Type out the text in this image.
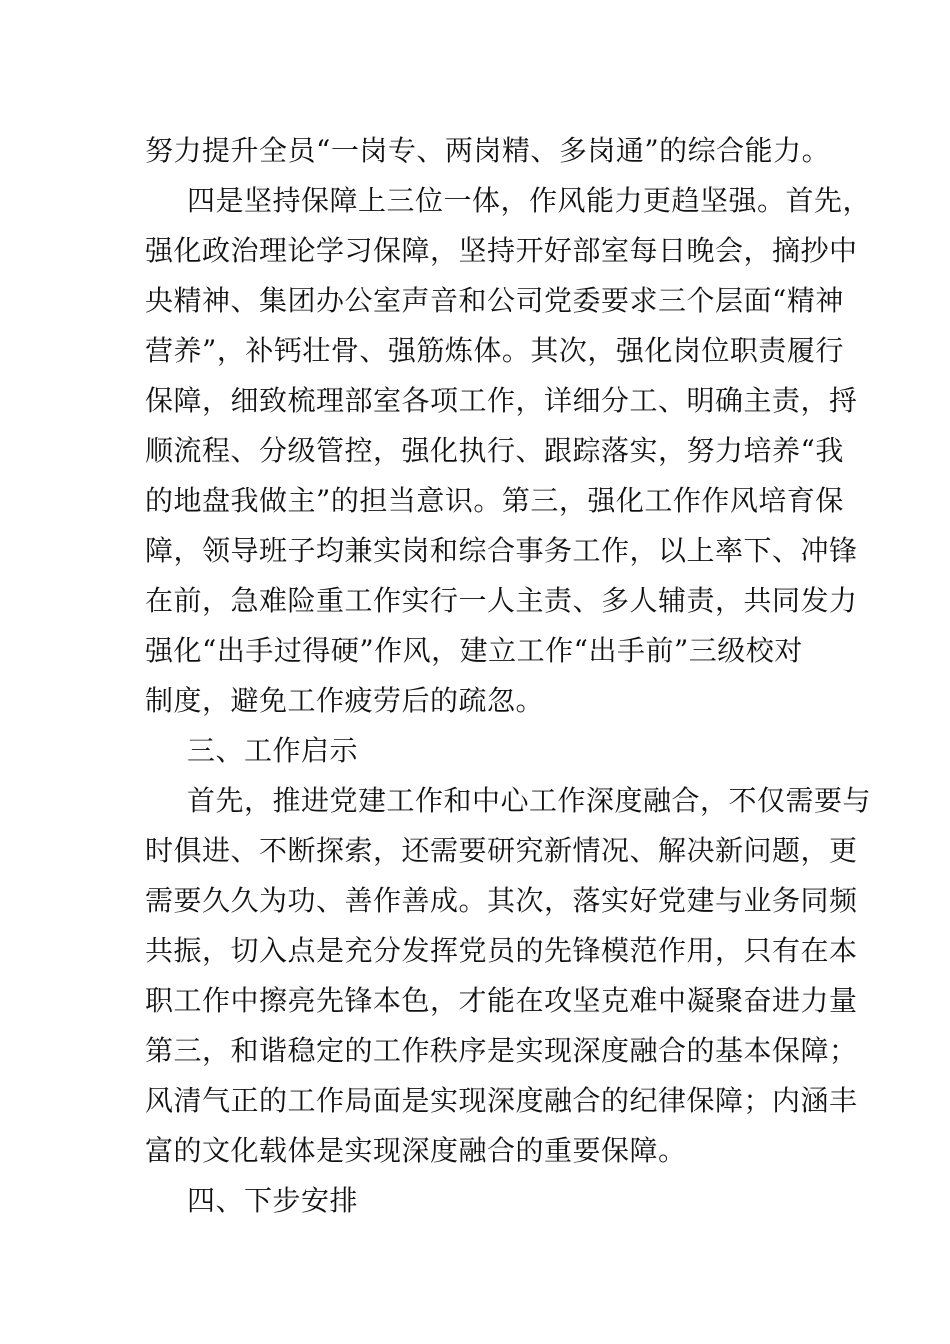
努力提升全员“一岗专、两岗精、多岗通”的综合能力。
四是坚持保障上三位一体，作风能力更趋坚强。首先，
强化政治理论学习保障，坚持开好部室每日晚会，摘抄中
央精神、集团办公室声音和公司党委要求三个层面“精神
营养”，补钙壮骨、强筋炼体。其次，强化岗位职责履行
保障，细致梳理部室各项工作，详细分工、明确主责，捋
顺流程、分级管控，强化执行、跟踪落实，努力培养“我
的地盘我做主”的担当意识。第三，强化工作作风培育保
障，领导班子均兼实岗和综合事务工作，以上率下、冲锋
在前，急难险重工作实行一人主责、多人辅责，共同发力
强化“出手过得硬”作风，建立工作“出手前”三级校对
制度，避免工作疲劳后的疏忽。
三、工作启示
首先，推进党建工作和中心工作深度融合，不仅需要与
时俱进、不断探索，还需要研究新情况、解决新问题，更
需要久久为功、善作善成。其次，落实好党建与业务同频
共振，切入点是充分发挥党员的先锋模范作用，只有在本
职工作中擦亮先锋本色，才能在攻坚克难中凝聚奋进力量
第三，和谐稳定的工作秩序是实现深度融合的基本保障；
风清气正的工作局面是实现深度融合的纪律保障；内涵丰
富的文化载体是实现深度融合的重要保障。
四、下步安排
